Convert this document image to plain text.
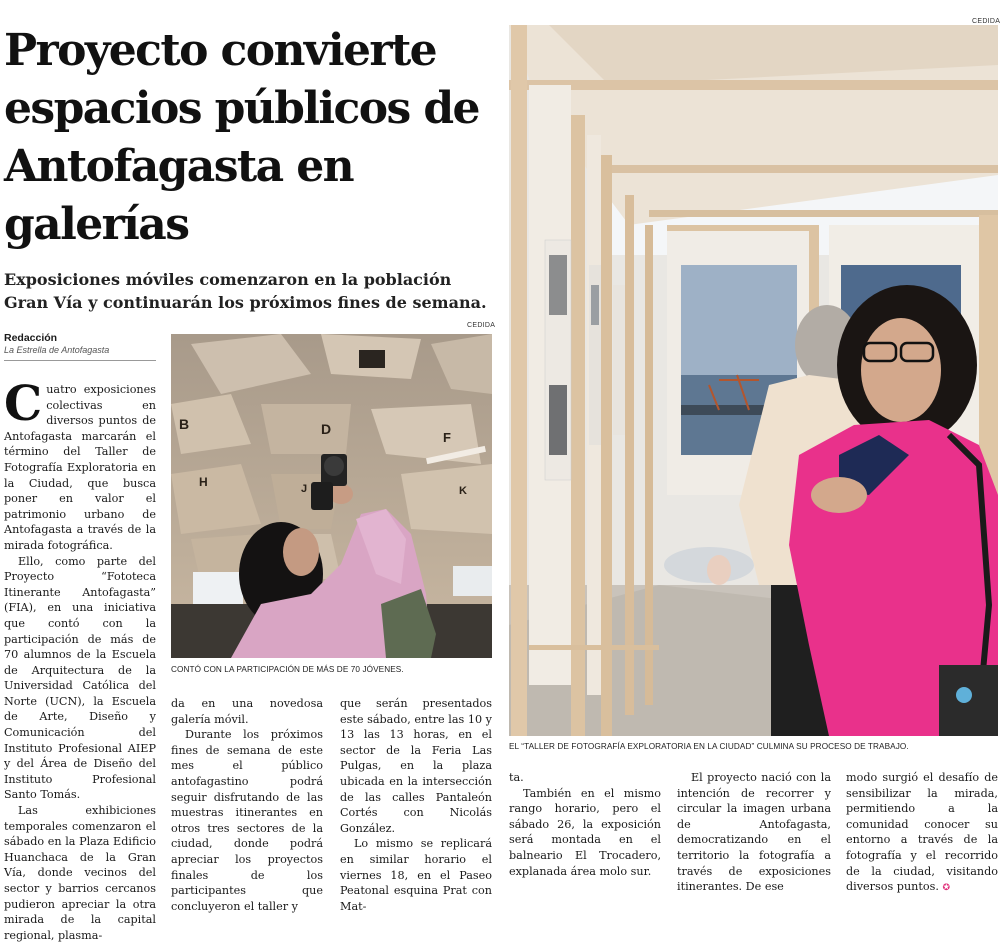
CEDIDA
CEDIDA
Proyecto convierte espacios públicos de Antofagasta en galerías
Exposiciones móviles comenzaron en la población Gran Vía y continuarán los próximos fines de semana.
Redacción
La Estrella de Antofagasta

Cuatro exposiciones colectivas en diversos puntos de Antofagasta marcarán el término del Taller de Fotografía Exploratoria en la Ciudad, que busca poner en valor el patrimonio urbano de Antofagasta a través de la mirada fotográfica.

Ello, como parte del Proyecto “Fototeca Itinerante Antofagasta” (FIA), en una iniciativa que contó con la participación de más de 70 alumnos de la Escuela de Arquitectura de la Universidad Católica del Norte (UCN), la Escuela de Arte, Diseño y Comunicación del Instituto Profesional AIEP y del Área de Diseño del Instituto Profesional Santo Tomás.

Las exhibiciones temporales comenzaron el sábado en la Plaza Edificio Huanchaca de la Gran Vía, donde vecinos del sector y barrios cercanos pudieron apreciar la otra mirada de la capital regional, plasma-

B	D
F
H	J	K
CONTÓ CON LA PARTICIPACIÓN DE MÁS DE 70 JÓVENES.
EL “TALLER DE FOTOGRAFÍA EXPLORATORIA EN LA CIUDAD” CULMINA SU PROCESO DE TRABAJO.

da en una novedosa galería móvil.

Durante los próximos fines de semana de este mes el público antofagastino podrá seguir disfrutando de las muestras itinerantes en otros tres sectores de la ciudad, donde podrá apreciar los proyectos finales de los participantes que concluyeron el taller y

que serán presentados este sábado, entre las 10 y 13 las 13 horas, en el sector de la Feria Las Pulgas, en la plaza ubicada en la intersección de las calles Pantaleón Cortés con Nicolás González.

Lo mismo se replicará en similar horario el viernes 18, en el Paseo Peatonal esquina Prat con Mat-

ta.

También en el mismo rango horario, pero el sábado 26, la exposición será montada en el balneario El Trocadero, explanada área molo sur.

El proyecto nació con la intención de recorrer y circular la imagen urbana de Antofagasta, democratizando en el territorio la fotografía a través de exposiciones itinerantes. De ese

modo surgió el desafío de sensibilizar la mirada, permitiendo a la comunidad conocer su entorno a través de la fotografía y el recorrido de la ciudad, visitando diversos puntos. ✪
